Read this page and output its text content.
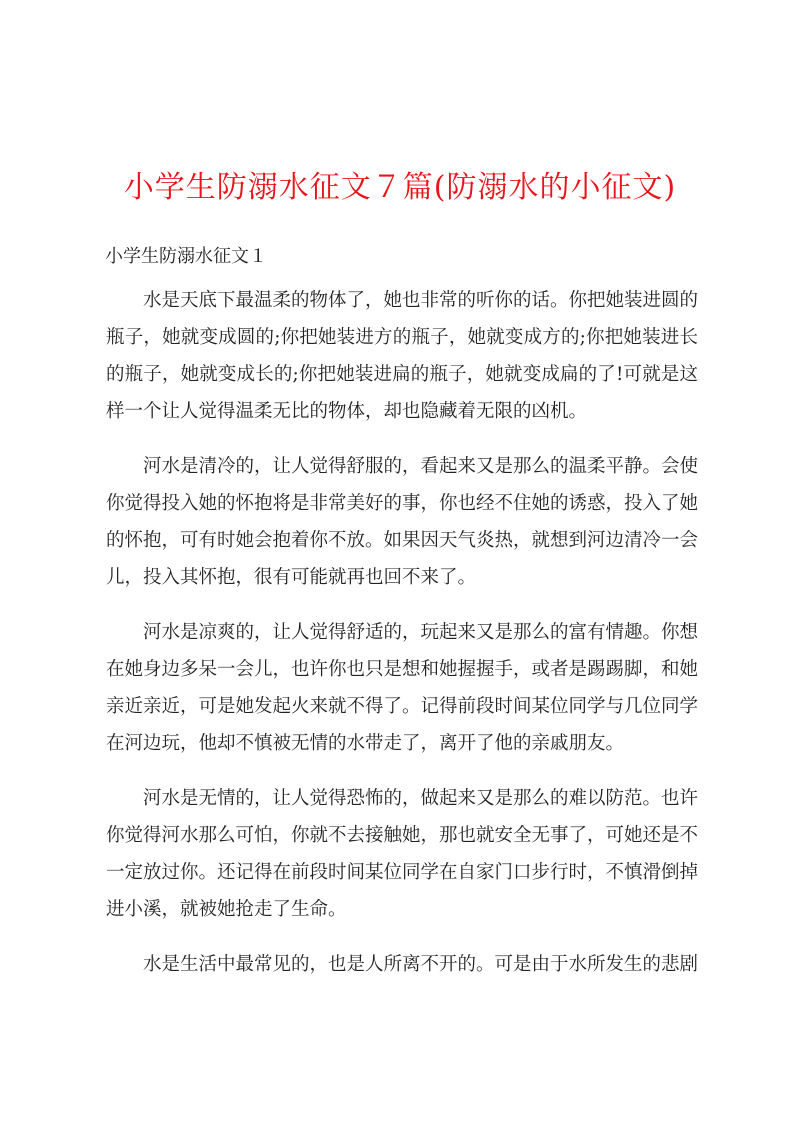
小学生防溺水征文７篇(防溺水的小征文)
小学生防溺水征文１

水是天底下最温柔的物体了，她也非常的听你的话。你把她装进圆的瓶子，她就变成圆的;你把她装进方的瓶子，她就变成方的;你把她装进长的瓶子，她就变成长的;你把她装进扁的瓶子，她就变成扁的了!可就是这样一个让人觉得温柔无比的物体，却也隐藏着无限的凶机。

河水是清冷的，让人觉得舒服的，看起来又是那么的温柔平静。会使你觉得投入她的怀抱将是非常美好的事，你也经不住她的诱惑，投入了她的怀抱，可有时她会抱着你不放。如果因天气炎热，就想到河边清冷一会儿，投入其怀抱，很有可能就再也回不来了。

河水是凉爽的，让人觉得舒适的，玩起来又是那么的富有情趣。你想在她身边多呆一会儿，也许你也只是想和她握握手，或者是踢踢脚，和她亲近亲近，可是她发起火来就不得了。记得前段时间某位同学与几位同学在河边玩，他却不慎被无情的水带走了，离开了他的亲戚朋友。

河水是无情的，让人觉得恐怖的，做起来又是那么的难以防范。也许你觉得河水那么可怕，你就不去接触她，那也就安全无事了，可她还是不一定放过你。还记得在前段时间某位同学在自家门口步行时，不慎滑倒掉进小溪，就被她抢走了生命。

水是生活中最常见的，也是人所离不开的。可是由于水所发生的悲剧
